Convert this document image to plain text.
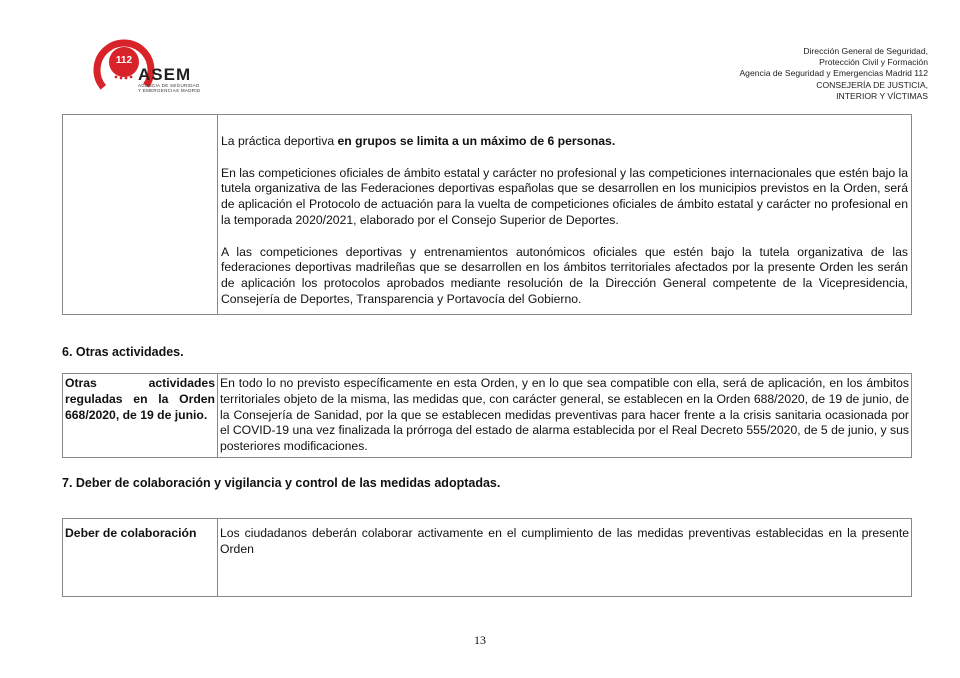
112
ASEM
AGENCIA DE SEGURIDAD
Y EMERGENCIAS MADRID
Dirección General de Seguridad,
Protección Civil y Formación
Agencia de Seguridad y Emergencias Madrid 112
CONSEJERÍA DE JUSTICIA,
INTERIOR Y VÍCTIMAS

La práctica deportiva en grupos se limita a un máximo de 6 personas.

En las competiciones oficiales de ámbito estatal y carácter no profesional y las competiciones internacionales que estén bajo la tutela organizativa de las Federaciones deportivas españolas que se desarrollen en los municipios previstos en la Orden, será de aplicación el Protocolo de actuación para la vuelta de competiciones oficiales de ámbito estatal y carácter no profesional en la temporada 2020/2021, elaborado por el Consejo Superior de Deportes.

A las competiciones deportivas y entrenamientos autonómicos oficiales que estén bajo la tutela organizativa de las federaciones deportivas madrileñas que se desarrollen en los ámbitos territoriales afectados por la presente Orden les serán de aplicación los protocolos aprobados mediante resolución de la Dirección General competente de la Vicepresidencia, Consejería de Deportes, Transparencia y Portavocía del Gobierno.

6. Otras actividades.
Otras actividades reguladas en la Orden 668/2020, de 19 de junio.	En todo lo no previsto específicamente en esta Orden, y en lo que sea compatible con ella, será de aplicación, en los ámbitos territoriales objeto de la misma, las medidas que, con carácter general, se establecen en la Orden 688/2020, de 19 de junio, de la Consejería de Sanidad, por la que se establecen medidas preventivas para hacer frente a la crisis sanitaria ocasionada por el COVID-19 una vez finalizada la prórroga del estado de alarma establecida por el Real Decreto 555/2020, de 5 de junio, y sus posteriores modificaciones.
7. Deber de colaboración y vigilancia y control de las medidas adoptadas.
Deber de colaboración	Los ciudadanos deberán colaborar activamente en el cumplimiento de las medidas preventivas establecidas en la presente Orden
13
